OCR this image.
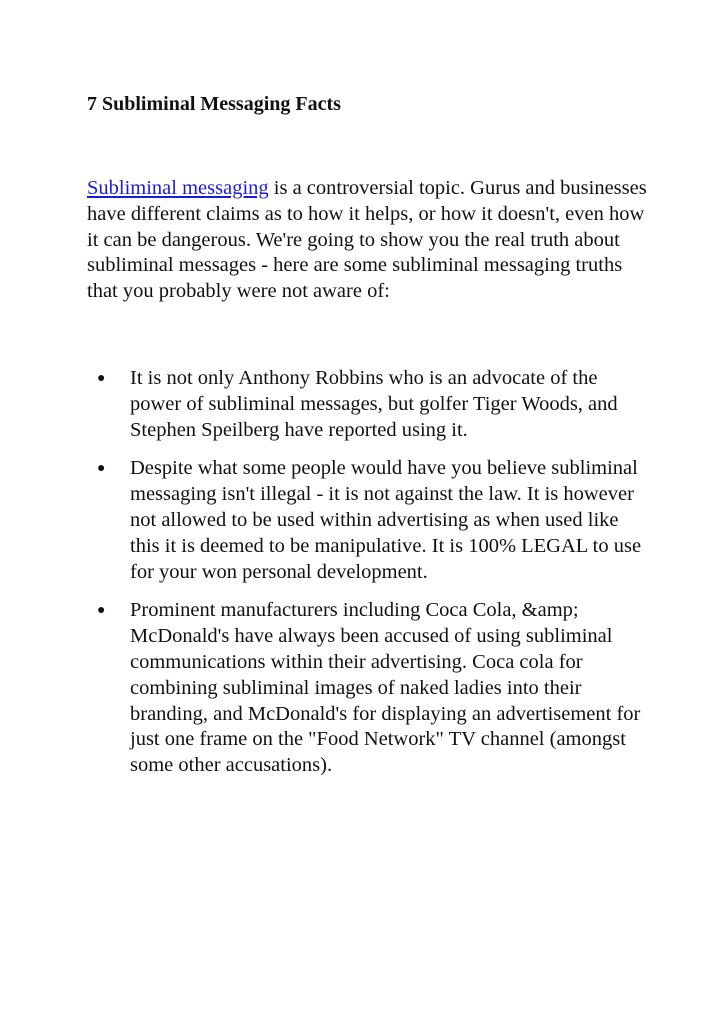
7 Subliminal Messaging Facts

Subliminal messaging is a controversial topic. Gurus and businesses have different claims as to how it helps, or how it doesn't, even how it can be dangerous. We're going to show you the real truth about subliminal messages - here are some subliminal messaging truths that you probably were not aware of:

● It is not only Anthony Robbins who is an advocate of the power of subliminal messages, but golfer Tiger Woods, and Stephen Speilberg have reported using it.
● Despite what some people would have you believe subliminal messaging isn't illegal - it is not against the law. It is however not allowed to be used within advertising as when used like this it is deemed to be manipulative. It is 100% LEGAL to use for your won personal development.
● Prominent manufacturers including Coca Cola, &amp; McDonald's have always been accused of using subliminal communications within their advertising. Coca cola for combining subliminal images of naked ladies into their branding, and McDonald's for displaying an advertisement for just one frame on the "Food Network" TV channel (amongst some other accusations).
